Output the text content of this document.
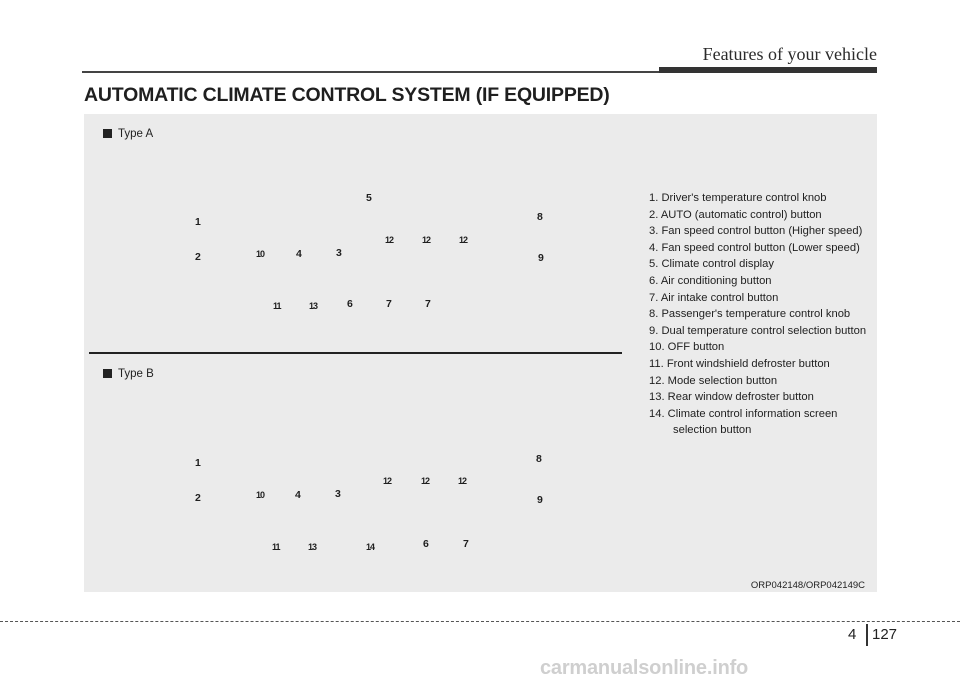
Features of your vehicle
AUTOMATIC CLIMATE CONTROL SYSTEM (IF EQUIPPED)
Type A
5
1	8
12	12	12
2	10	4	3	9
11	13	6	7	7
Type B
1	8
12	12	12
2	10	4	3	9
11	13	14	6	7
1. Driver's temperature control knob
2. AUTO (automatic control) button
3. Fan speed control button (Higher speed)
4. Fan speed control button (Lower speed)
5. Climate control display
6. Air conditioning button
7. Air intake control button
8. Passenger's temperature control knob
9. Dual temperature control selection button
10. OFF button
11. Front windshield defroster button
12. Mode selection button
13. Rear window defroster button
14. Climate control information screen selection button
ORP042148/ORP042149C
4 127
carmanualsonline.info
